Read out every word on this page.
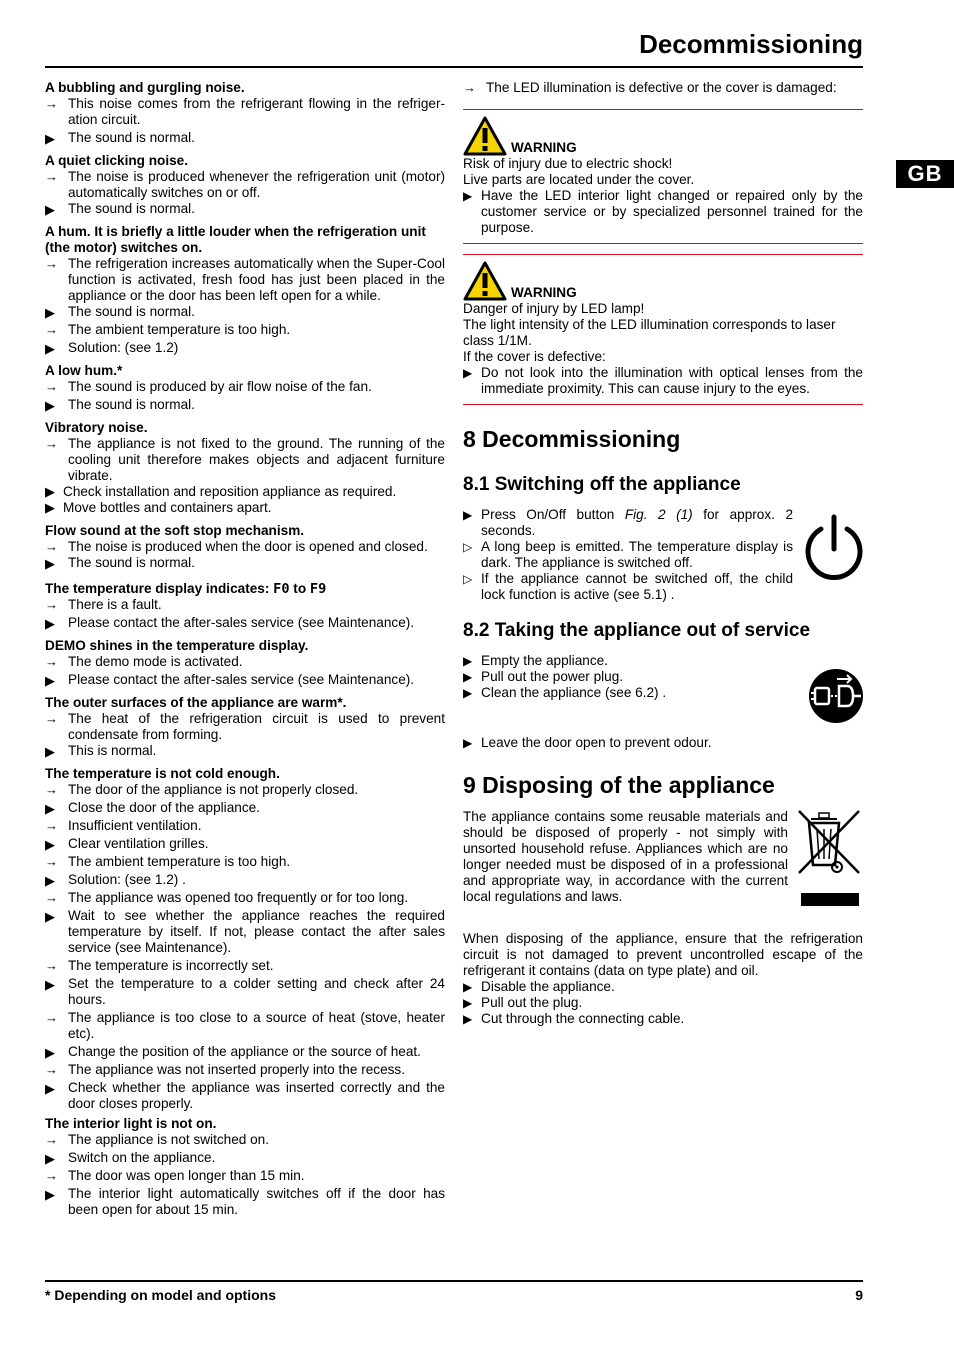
Decommissioning
GB
A bubbling and gurgling noise.
→ This noise comes from the refrigerant flowing in the refriger-ation circuit.
▶ The sound is normal.
A quiet clicking noise.
→ The noise is produced whenever the refrigeration unit (motor) automatically switches on or off.
▶ The sound is normal.
A hum. It is briefly a little louder when the refrigeration unit (the motor) switches on.
→ The refrigeration increases automatically when the Super-Cool function is activated, fresh food has just been placed in the appliance or the door has been left open for a while.
▶ The sound is normal.
→ The ambient temperature is too high.
▶ Solution: (see 1.2)
A low hum.*
→ The sound is produced by air flow noise of the fan.
▶ The sound is normal.
Vibratory noise.
→ The appliance is not fixed to the ground. The running of the cooling unit therefore makes objects and adjacent furniture vibrate.
▶ Check installation and reposition appliance as required.
▶ Move bottles and containers apart.
Flow sound at the soft stop mechanism.
→ The noise is produced when the door is opened and closed.
▶ The sound is normal.
The temperature display indicates: F0 to F9
→ There is a fault.
▶ Please contact the after-sales service (see Maintenance).
DEMO shines in the temperature display.
→ The demo mode is activated.
▶ Please contact the after-sales service (see Maintenance).
The outer surfaces of the appliance are warm*.
→ The heat of the refrigeration circuit is used to prevent condensate from forming.
▶ This is normal.
The temperature is not cold enough.
→ The door of the appliance is not properly closed.
▶ Close the door of the appliance.
→ Insufficient ventilation.
▶ Clear ventilation grilles.
→ The ambient temperature is too high.
▶ Solution: (see 1.2) .
→ The appliance was opened too frequently or for too long.
▶ Wait to see whether the appliance reaches the required temperature by itself. If not, please contact the after sales service (see Maintenance).
→ The temperature is incorrectly set.
▶ Set the temperature to a colder setting and check after 24 hours.
→ The appliance is too close to a source of heat (stove, heater etc).
▶ Change the position of the appliance or the source of heat.
→ The appliance was not inserted properly into the recess.
▶ Check whether the appliance was inserted correctly and the door closes properly.
The interior light is not on.
→ The appliance is not switched on.
▶ Switch on the appliance.
→ The door was open longer than 15 min.
▶ The interior light automatically switches off if the door has been open for about 15 min.
→ The LED illumination is defective or the cover is damaged:
WARNING
Risk of injury due to electric shock!
Live parts are located under the cover.
▶ Have the LED interior light changed or repaired only by the customer service or by specialized personnel trained for the purpose.
WARNING
Danger of injury by LED lamp!
The light intensity of the LED illumination corresponds to laser class 1/1M.
If the cover is defective:
▶ Do not look into the illumination with optical lenses from the immediate proximity. This can cause injury to the eyes.
8 Decommissioning
8.1 Switching off the appliance
▶ Press On/Off button Fig. 2 (1) for approx. 2 seconds.
▷ A long beep is emitted. The temperature display is dark. The appliance is switched off.
▷ If the appliance cannot be switched off, the child lock function is active (see 5.1) .
8.2 Taking the appliance out of service
▶ Empty the appliance.
▶ Pull out the power plug.
▶ Clean the appliance (see 6.2) .
▶ Leave the door open to prevent odour.
9 Disposing of the appliance
The appliance contains some reusable materials and should be disposed of properly - not simply with unsorted household refuse. Appliances which are no longer needed must be disposed of in a professional and appropriate way, in accordance with the current local regulations and laws.
When disposing of the appliance, ensure that the refrigeration circuit is not damaged to prevent uncontrolled escape of the refrigerant it contains (data on type plate) and oil.
▶ Disable the appliance.
▶ Pull out the plug.
▶ Cut through the connecting cable.
* Depending on model and options	9
